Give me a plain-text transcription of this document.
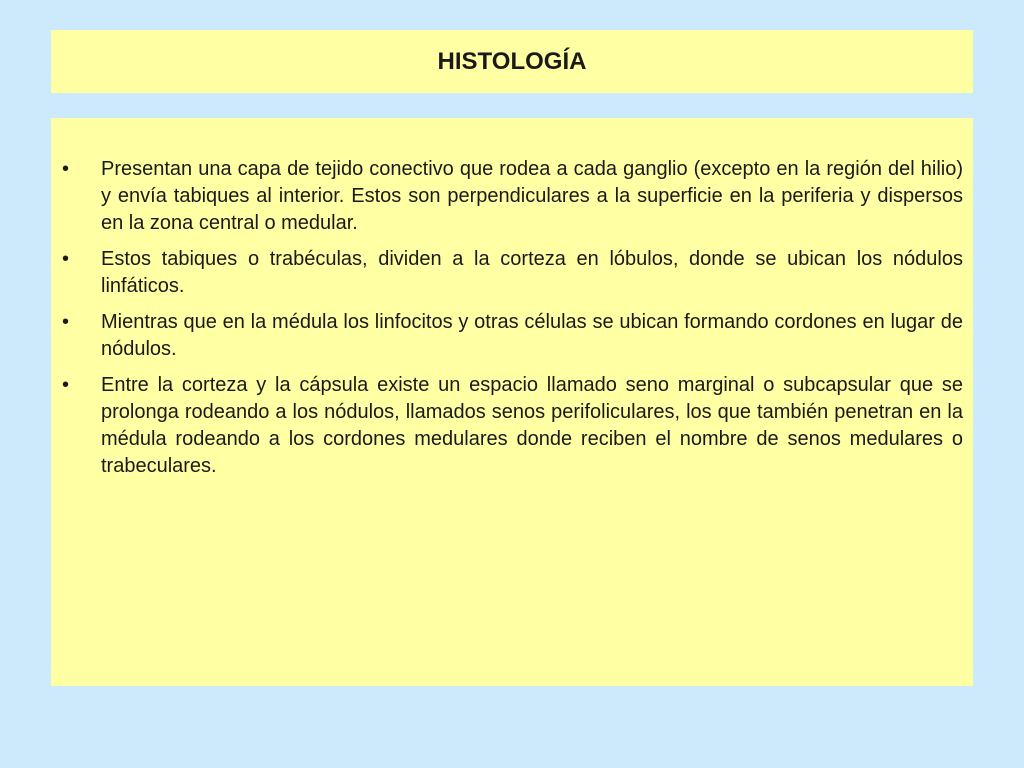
HISTOLOGÍA
•	Presentan una capa de tejido conectivo que rodea a cada ganglio (excepto en la región del hilio) y envía tabiques al interior. Estos son perpendiculares a la superficie en la periferia y dispersos en la zona central o medular.
•	Estos tabiques o trabéculas, dividen a la corteza en lóbulos, donde se ubican los nódulos linfáticos.
•	Mientras que en la médula los linfocitos y otras células se ubican formando cordones en lugar de nódulos.
•	Entre la corteza y la cápsula existe un espacio llamado seno marginal o subcapsular que se prolonga rodeando a los nódulos, llamados senos perifoliculares, los que también penetran en la médula rodeando a los cordones medulares donde reciben el nombre de senos medulares o trabeculares.
